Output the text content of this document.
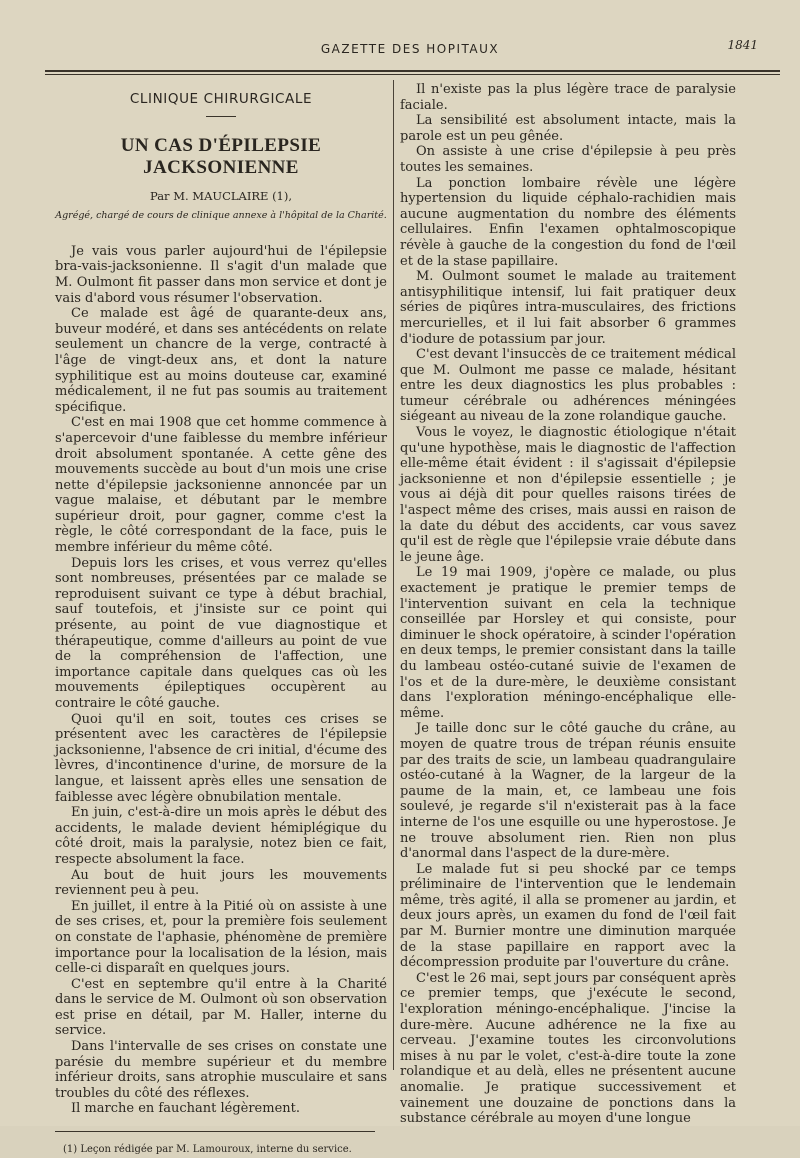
GAZETTE DES HOPITAUX	1841
CLINIQUE CHIRURGICALE
UN CAS D'ÉPILEPSIE JACKSONIENNE
Par M. MAUCLAIRE (1),
Agrégé, chargé de cours de clinique annexe à l'hôpital de la Charité.

Je vais vous parler aujourd'hui de l'épilepsie bra-vais-jacksonienne. Il s'agit d'un malade que M. Oulmont fit passer dans mon service et dont je vais d'abord vous résumer l'observation.

Ce malade est âgé de quarante-deux ans, buveur modéré, et dans ses antécédents on relate seulement un chancre de la verge, contracté à l'âge de vingt-deux ans, et dont la nature syphilitique est au moins douteuse car, examiné médicalement, il ne fut pas soumis au traitement spécifique.

C'est en mai 1908 que cet homme commence à s'apercevoir d'une faiblesse du membre inférieur droit absolument spontanée. A cette gêne des mouvements succède au bout d'un mois une crise nette d'épilepsie jacksonienne annoncée par un vague malaise, et débutant par le membre supérieur droit, pour gagner, comme c'est la règle, le côté correspondant de la face, puis le membre inférieur du même côté.

Depuis lors les crises, et vous verrez qu'elles sont nombreuses, présentées par ce malade se reproduisent suivant ce type à début brachial, sauf toutefois, et j'insiste sur ce point qui présente, au point de vue diagnostique et thérapeutique, comme d'ailleurs au point de vue de la compréhension de l'affection, une importance capitale dans quelques cas où les mouvements épileptiques occupèrent au contraire le côté gauche.

Quoi qu'il en soit, toutes ces crises se présentent avec les caractères de l'épilepsie jacksonienne, l'absence de cri initial, d'écume des lèvres, d'incontinence d'urine, de morsure de la langue, et laissent après elles une sensation de faiblesse avec légère obnubilation mentale.

En juin, c'est-à-dire un mois après le début des accidents, le malade devient hémiplégique du côté droit, mais la paralysie, notez bien ce fait, respecte absolument la face.

Au bout de huit jours les mouvements reviennent peu à peu.

En juillet, il entre à la Pitié où on assiste à une de ses crises, et, pour la première fois seulement on constate de l'aphasie, phénomène de première importance pour la localisation de la lésion, mais celle-ci disparaît en quelques jours.

C'est en septembre qu'il entre à la Charité dans le service de M. Oulmont où son observation est prise en détail, par M. Haller, interne du service.

Dans l'intervalle de ses crises on constate une parésie du membre supérieur et du membre inférieur droits, sans atrophie musculaire et sans troubles du côté des réflexes.

Il marche en fauchant légèrement.

(1) Leçon rédigée par M. Lamouroux, interne du service.

Il n'existe pas la plus légère trace de paralysie faciale.

La sensibilité est absolument intacte, mais la parole est un peu gênée.

On assiste à une crise d'épilepsie à peu près toutes les semaines.

La ponction lombaire révèle une légère hypertension du liquide céphalo-rachidien mais aucune augmentation du nombre des éléments cellulaires. Enfin l'examen ophtalmoscopique révèle à gauche de la congestion du fond de l'œil et de la stase papillaire.

M. Oulmont soumet le malade au traitement antisyphilitique intensif, lui fait pratiquer deux séries de piqûres intra-musculaires, des frictions mercurielles, et il lui fait absorber 6 grammes d'iodure de potassium par jour.

C'est devant l'insuccès de ce traitement médical que M. Oulmont me passe ce malade, hésitant entre les deux diagnostics les plus probables : tumeur cérébrale ou adhérences méningées siégeant au niveau de la zone rolandique gauche.

Vous le voyez, le diagnostic étiologique n'était qu'une hypothèse, mais le diagnostic de l'affection elle-même était évident : il s'agissait d'épilepsie jacksonienne et non d'épilepsie essentielle ; je vous ai déjà dit pour quelles raisons tirées de l'aspect même des crises, mais aussi en raison de la date du début des accidents, car vous savez qu'il est de règle que l'épilepsie vraie débute dans le jeune âge.

Le 19 mai 1909, j'opère ce malade, ou plus exactement je pratique le premier temps de l'intervention suivant en cela la technique conseillée par Horsley et qui consiste, pour diminuer le shock opératoire, à scinder l'opération en deux temps, le premier consistant dans la taille du lambeau ostéo-cutané suivie de l'examen de l'os et de la dure-mère, le deuxième consistant dans l'exploration méningo-encéphalique elle-même.

Je taille donc sur le côté gauche du crâne, au moyen de quatre trous de trépan réunis ensuite par des traits de scie, un lambeau quadrangulaire ostéo-cutané à la Wagner, de la largeur de la paume de la main, et, ce lambeau une fois soulevé, je regarde s'il n'existerait pas à la face interne de l'os une esquille ou une hyperostose. Je ne trouve absolument rien. Rien non plus d'anormal dans l'aspect de la dure-mère.

Le malade fut si peu shocké par ce temps préliminaire de l'intervention que le lendemain même, très agité, il alla se promener au jardin, et deux jours après, un examen du fond de l'œil fait par M. Burnier montre une diminution marquée de la stase papillaire en rapport avec la décompression produite par l'ouverture du crâne.

C'est le 26 mai, sept jours par conséquent après ce premier temps, que j'exécute le second, l'exploration méningo-encéphalique. J'incise la dure-mère. Aucune adhérence ne la fixe au cerveau. J'examine toutes les circonvolutions mises à nu par le volet, c'est-à-dire toute la zone rolandique et au delà, elles ne présentent aucune anomalie. Je pratique successivement et vainement une douzaine de ponctions dans la substance cérébrale au moyen d'une longue
